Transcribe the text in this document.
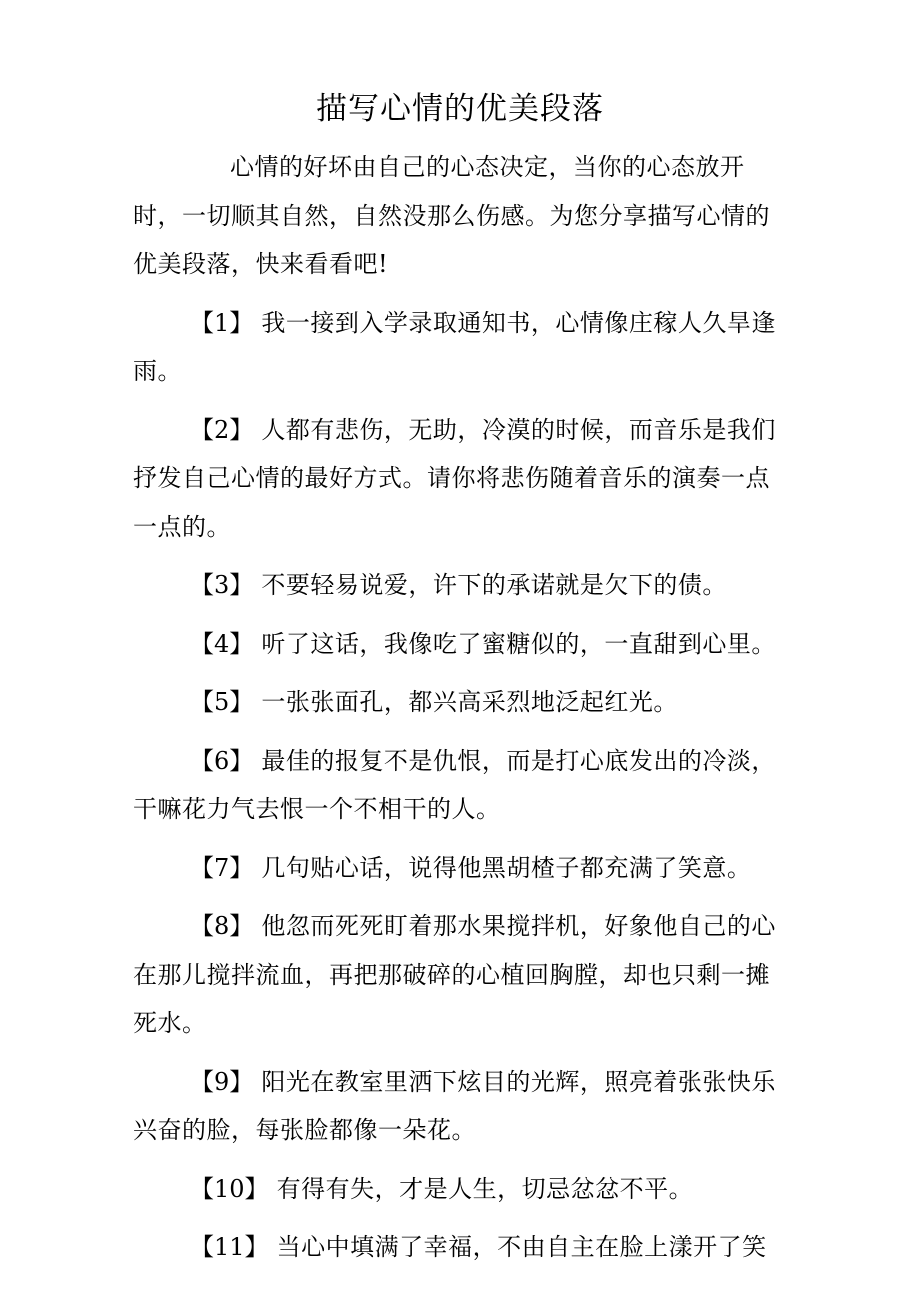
描写心情的优美段落

心情的好坏由自己的心态决定，当你的心态放开时，一切顺其自然，自然没那么伤感。为您分享描写心情的优美段落，快来看看吧!

【1】 我一接到入学录取通知书，心情像庄稼人久旱逢雨。

【2】 人都有悲伤，无助，冷漠的时候，而音乐是我们抒发自己心情的最好方式。请你将悲伤随着音乐的演奏一点一点的。

【3】 不要轻易说爱，许下的承诺就是欠下的债。

【4】 听了这话，我像吃了蜜糖似的，一直甜到心里。

【5】 一张张面孔，都兴高采烈地泛起红光。

【6】 最佳的报复不是仇恨，而是打心底发出的冷淡，干嘛花力气去恨一个不相干的人。

【7】 几句贴心话，说得他黑胡楂子都充满了笑意。

【8】 他忽而死死盯着那水果搅拌机，好象他自己的心在那儿搅拌流血，再把那破碎的心植回胸膛，却也只剩一摊死水。

【9】 阳光在教室里洒下炫目的光辉，照亮着张张快乐兴奋的脸，每张脸都像一朵花。

【10】 有得有失，才是人生，切忌忿忿不平。

【11】 当心中填满了幸福，不由自主在脸上漾开了笑
